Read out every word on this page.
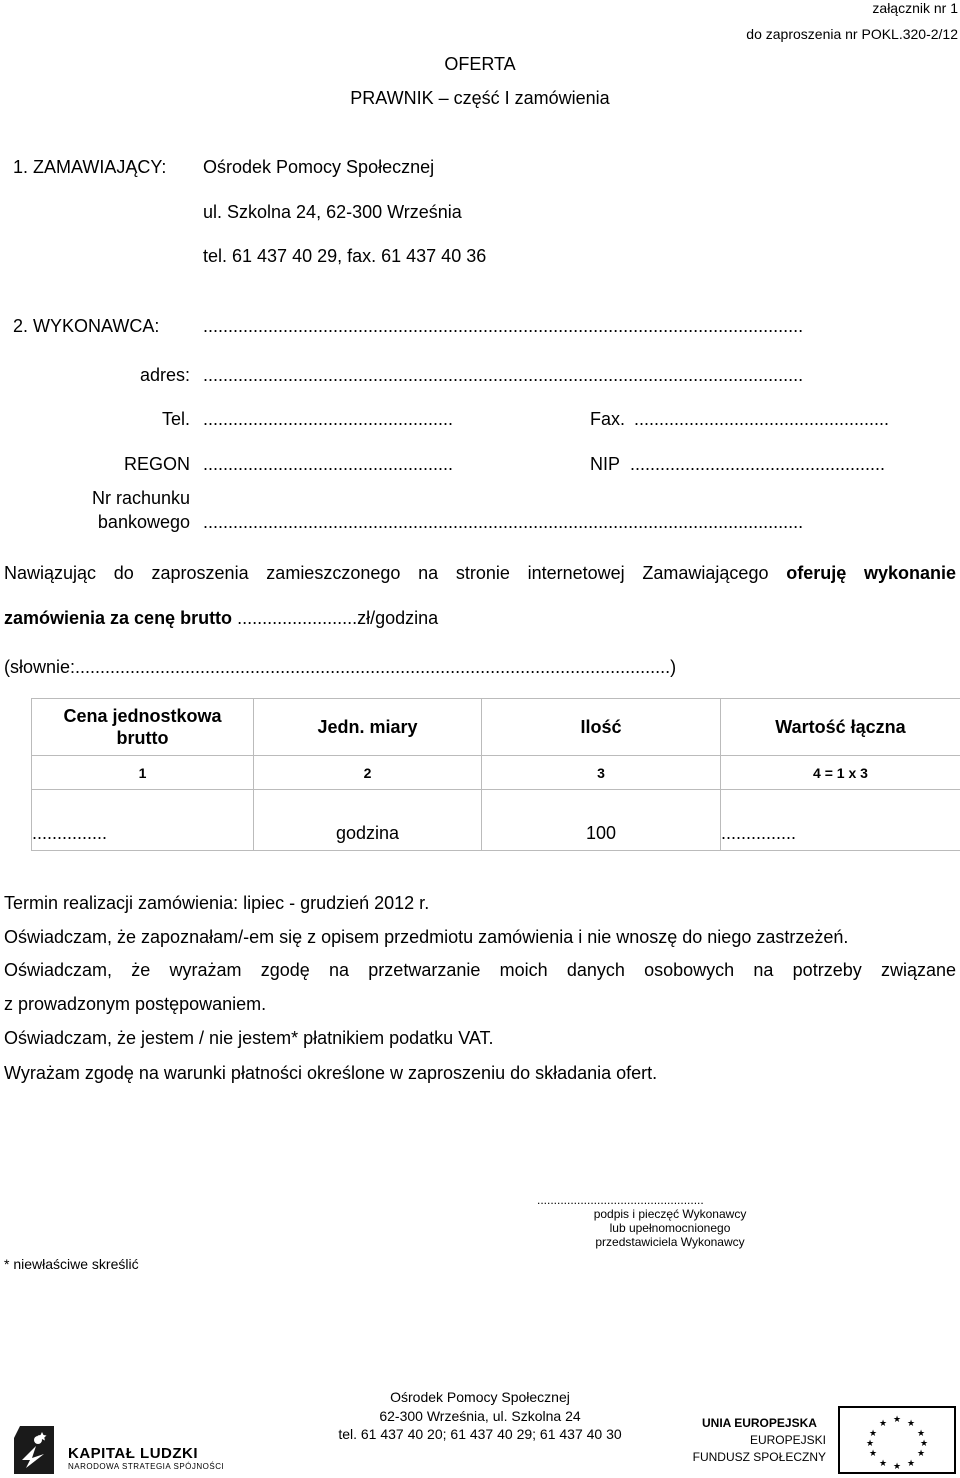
załącznik nr 1
do zaproszenia nr POKL.320-2/12
OFERTA
PRAWNIK – część I zamówienia
1. ZAMAWIAJĄCY: Ośrodek Pomocy Społecznej
ul. Szkolna 24, 62-300 Września
tel. 61 437 40 29, fax. 61 437 40 36
2. WYKONAWCA: ........................................................................................................................
adres: ........................................................................................................................
Tel. ..................................................	Fax. ...................................................
REGON ..................................................	NIP ...................................................
Nr rachunku
bankowego ........................................................................................................................
Nawiązując do zaproszenia zamieszczonego na stronie internetowej Zamawiającego oferuję wykonanie
zamówienia za cenę brutto ........................zł/godzina
(słownie:.......................................................................................................................)
Cena jednostkowa brutto	Jedn. miary	Ilość	Wartość łączna
1	2	3	4 = 1 x 3
...............	godzina	100	...............
Termin realizacji zamówienia: lipiec - grudzień 2012 r.
Oświadczam, że zapoznałam/-em się z opisem przedmiotu zamówienia i nie wnoszę do niego zastrzeżeń.
Oświadczam, że wyrażam zgodę na przetwarzanie moich danych osobowych na potrzeby związane
z prowadzonym postępowaniem.
Oświadczam, że jestem / nie jestem* płatnikiem podatku VAT.
Wyrażam zgodę na warunki płatności określone w zaproszeniu do składania ofert.
..................................................
podpis i pieczęć Wykonawcy
lub upełnomocnionego
przedstawiciela Wykonawcy
* niewłaściwe skreślić
Ośrodek Pomocy Społecznej
62-300 Września, ul. Szkolna 24
tel. 61 437 40 20; 61 437 40 29; 61 437 40 30
KAPITAŁ LUDZKI
NARODOWA STRATEGIA SPÓJNOŚCI
UNIA EUROPEJSKA
EUROPEJSKI
FUNDUSZ SPOŁECZNY
★ ★
★
★
★
★
★
★
★
★
★
★
